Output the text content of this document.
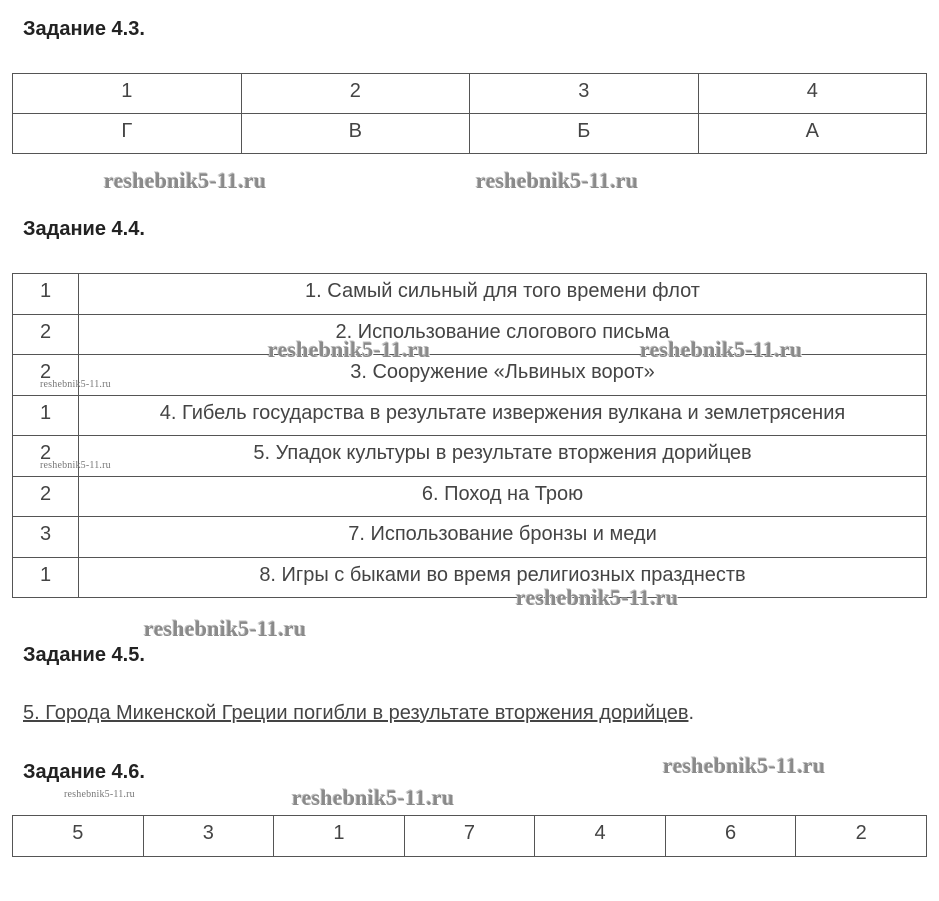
Задание 4.3.
1	2	3	4
Г	В	Б	А
Задание 4.4.
1	1. Самый сильный для того времени флот
2	2. Использование слогового письма
2	3. Сооружение «Львиных ворот»
1	4. Гибель государства в результате извержения вулкана и землетрясения
2	5. Упадок культуры в результате вторжения дорийцев
2	6. Поход на Трою
3	7. Использование бронзы и меди
1	8. Игры с быками во время религиозных празднеств
Задание 4.5.

5. Города Микенской Греции погибли в результате вторжения дорийцев.

Задание 4.6.
5	3	1	7	4	6	2
reshebnik5-11.ru	reshebnik5-11.ru
reshebnik5-11.ru	reshebnik5-11.ru
reshebnik5-11.ru
reshebnik5-11.ru
reshebnik5-11.ru
reshebnik5-11.ru
reshebnik5-11.ru
reshebnik5-11.ru	reshebnik5-11.ru
